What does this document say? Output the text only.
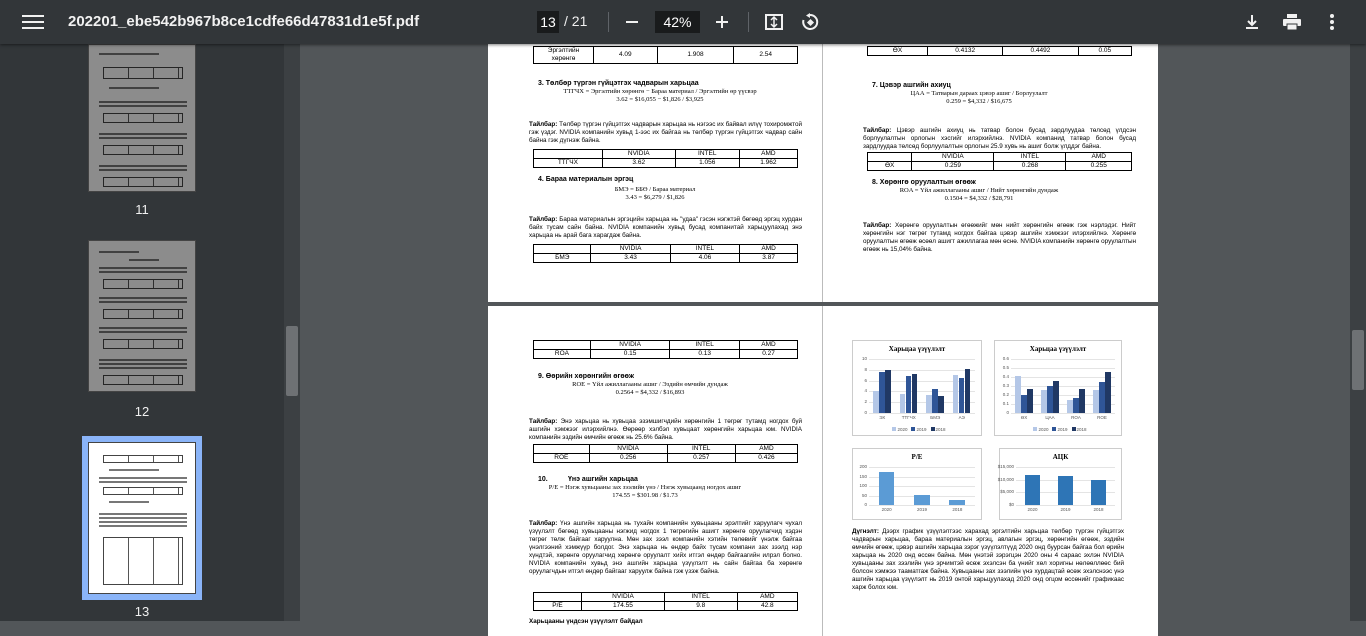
202201_ebe542b967b8ce1cdfe66d47831d1e5f.pdf	13 / 21	42%
11
12
13
Эргэлтийн хөрөнгө	4.09	1.908	2.54
3. Төлбөр түргэн гүйцэтгэх чадварын харьцаа
ТТГЧХ = Эргэлтийн хөрөнгө − Бараа материал / Эргэлтийн өр үүсвэр
3.62 = $16,055 − $1,826 / $3,925
Тайлбар: Төлбөр түргэн гүйцэтгэх чадварын харьцаа нь нэгээс их байвал илүү тохиромжтой гэж үздэг. NVIDIA компанийн хувьд 1-ээс их байгаа нь төлбөр түргэн гүйцэтгэх чадвар сайн байна гэж дүгнэж байна.
	NVIDIA	INTEL	AMD
ТТГЧХ	3.62	1.056	1.962
4. Бараа материалын эргэц
БМЭ = ББӨ / Бараа материал
3.43 = $6,279 / $1,826
Тайлбар: Бараа материалын эргэцийн харьцаа нь "удаа" гэсэн нэгжтэй бөгөөд эргэц хурдан байх тусам сайн байна. NVIDIA компанийн хувьд бусад компанитай харьцуулахад энэ харьцаа нь арай бага харагдаж байна.
	NVIDIA	INTEL	AMD
БМЭ	3.43	4.06	3.87
ӨХ	0.4132	0.4492	0.05
7. Цэвэр ашгийн ахиуц
ЦАА = Татварын дараах цэвэр ашиг / Борлуулалт
0.259 = $4,332 / $16,675
Тайлбар: Цэвэр ашгийн ахиуц нь татвар болон бусад зардлуудаа төлсөд үлдсэн борлуулалтын орлогын хэсгийг илэрхийлнэ. NVIDIA компанид татвар болон бусад зардлуудаа төлсөд борлуулалтын орлогын 25.9 хувь нь ашиг болж үлддэг байна.
	NVIDIA	INTEL	AMD
ӨХ	0.259	0.268	0.255
8. Хөрөнгө оруулалтын өгөөж
ROA = Үйл ажиллагааны ашиг / Нийт хөрөнгийн дундаж
0.1504 = $4,332 / $28,791
Тайлбар: Хөрөнгө оруулалтын өгөөжийг мөн нийт хөрөнгийн өгөөж гэж нэрлэдэг. Нийт хөрөнгийн нэг төгрөг тутамд ногдох байгаа цэвэр ашгийн хэмжээг илэрхийлнэ. Хөрөнгө оруулалтын өгөөж өсөөл ашигт ажиллагаа мөн өснө. NVIDIA компанийн хөрөнгө оруулалтын өгөөж нь 15,04% байна.
	NVIDIA	INTEL	AMD
ROA	0.15	0.13	0.27
9. Өөрийн хөрөнгийн өгөөж
ROE = Үйл ажиллагааны ашиг / Эздийн өмчийн дундаж
0.2564 = $4,332 / $16,893
Тайлбар: Энэ харьцаа нь хувьцаа эзэмшигчдийн хөрөнгийн 1 төгрөг тутамд ногдох буй ашгийн хэмжээг илэрхийлнэ. Өөрөөр хэлбэл хувьцаат хөрөнгийн харьцаа юм. NVIDIA компанийн эздийн өмчийн өгөөж нь 25.6% байна.
	NVIDIA	INTEL	AMD
ROE	0.256	0.257	0.426
10.	Үнэ ашгийн харьцаа
P/E = Нэгж хувьцааны зах зээлийн үнэ / Нэгж хувьцаанд ногдох ашиг
174.55 = $301.98 / $1.73
Тайлбар: Үнэ ашгийн харьцаа нь тухайн компанийн хувьцааны эрэлтийг харуулагч чухал үзүүлэлт бөгөөд хувьцааны нэгжид ногдох 1 төгрөгийн ашигт хөрөнгө оруулагчид хэдэн төгрөг төлж байгааг харуулна. Мөн зах зээл компанийн хэтийн төлөвийг үнэлж байгаа үнэлгээний хэмжүүр болдог. Энэ харьцаа нь өндөр байх тусам компани зах зээлд нэр хүндтэй, хөрөнгө оруулагчид хөрөнгө оруулалт хийх итгэл өндөр байгаагийн илрэл болно. NVIDIA компанийн хувьд энэ ашгийн харьцаа үзүүлэлт нь сайн байгаа ба хөрөнгө оруулагчдын итгэл өндөр байгааг харуулж байна гэж үзэж байна.
	NVIDIA	INTEL	AMD
P/E	174.55	9.8	42.8
Харьцааны үндсэн үзүүлэлт байдал
Харьцаа үзүүлэлт
0
2
4
6
8
10
ЭХ	ТТГЧХ	БМЭ	АЭ
2020 2019 2018
Харьцаа үзүүлэлт
0
0.1
0.2
0.3
0.4
0.5
0.6
ӨХ	ЦАА	ROA	ROE
2020 2019 2018
P/E
0
50
100
150
200
2020	2019	2018
АЦК
$0
$5,000
$10,000
$15,000
2020	2019	2018
Дүгнэлт: Дээрх график үзүүлэлтээс харахад эргэлтийн харьцаа төлбөр түргэн гүйцэтгэх чадварын харьцаа, бараа материалын эргэц, авлагын эргэц, хөрөнгийн өгөөж, эздийн өмчийн өгөөж, цэвэр ашгийн харьцаа зэрэг үзүүлэлтүүд 2020 онд буурсан байгаа бол өрийн харьцаа нь 2020 онд өссөн байна. Мөн үнэтэй зэрэгцэн 2020 оны 4 сараас эхлэн NVIDIA хувьцааны зах зээлийн үнэ эрчимтэй өсөж эхэлсэн ба үнийг хөл хоригны нөлөөллөөс бий болсон хэмжээ тааматгаж байна. Хувьцааны зах зээлийн үнэ хурдацтай өсөж эхэлснээс үнэ ашгийн харьцаа үзүүлэлт нь 2019 онтой харьцуулахад 2020 онд огцом өссөнийг графикаас харж болох юм.
